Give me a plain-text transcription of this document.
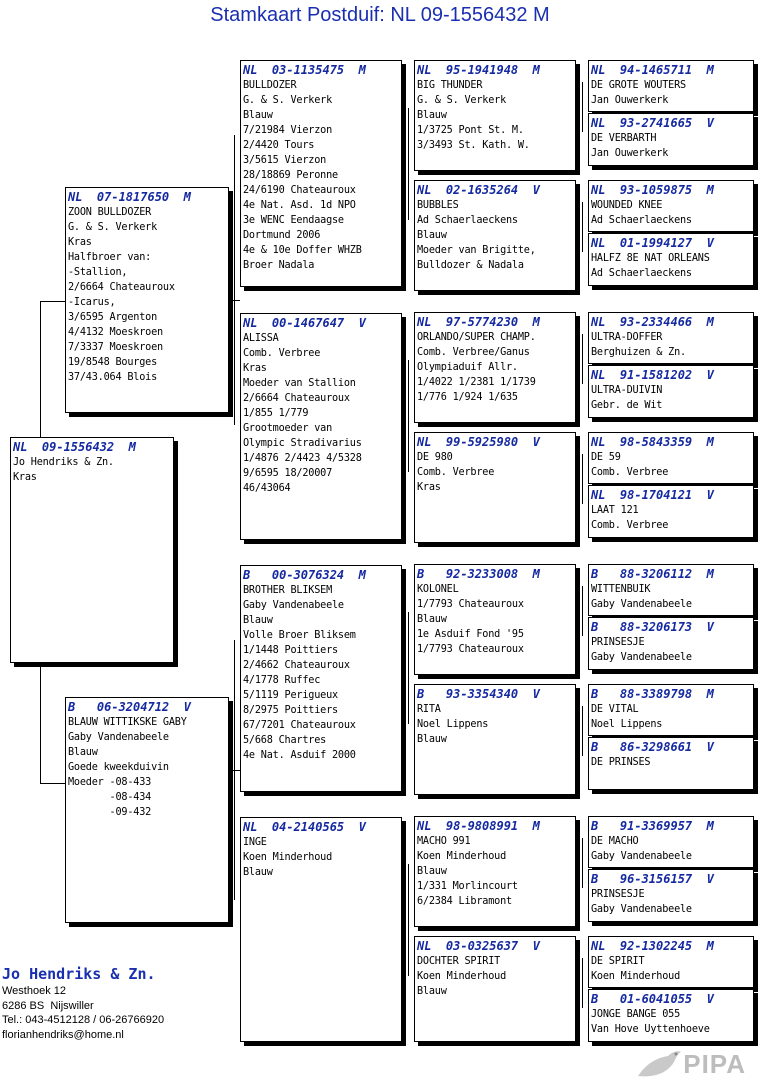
Stamkaart Postduif: NL 09-1556432 M
NL  09-1556432  M
Jo Hendriks & Zn.
Kras
NL  07-1817650  M
ZOON BULLDOZER
G. & S. Verkerk
Kras
Halfbroer van:
-Stallion,
2/6664 Chateauroux
-Icarus,
3/6595 Argenton
4/4132 Moeskroen
7/3337 Moeskroen
19/8548 Bourges
37/43.064 Blois
B   06-3204712  V
BLAUW WITTIKSKE GABY
Gaby Vandenabeele
Blauw
Goede kweekduivin
Moeder -08-433
-08-434
-09-432
NL  03-1135475  M
BULLDOZER
G. & S. Verkerk
Blauw
7/21984 Vierzon
2/4420 Tours
3/5615 Vierzon
28/18869 Peronne
24/6190 Chateauroux
4e Nat. Asd. 1d NPO
3e WENC Eendaagse
Dortmund 2006
4e & 10e Doffer WHZB
Broer Nadala
NL  00-1467647  V
ALISSA
Comb. Verbree
Kras
Moeder van Stallion
2/6664 Chateauroux
1/855 1/779
Grootmoeder van
Olympic Stradivarius
1/4876 2/4423 4/5328
9/6595 18/20007
46/43064
B   00-3076324  M
BROTHER BLIKSEM
Gaby Vandenabeele
Blauw
Volle Broer Bliksem
1/1448 Poittiers
2/4662 Chateauroux
4/1778 Ruffec
5/1119 Perigueux
8/2975 Poittiers
67/7201 Chateauroux
5/668 Chartres
4e Nat. Asduif 2000
NL  04-2140565  V
INGE
Koen Minderhoud
Blauw
NL  95-1941948  M
BIG THUNDER
G. & S. Verkerk
Blauw
1/3725 Pont St. M.
3/3493 St. Kath. W.
NL  02-1635264  V
BUBBLES
Ad Schaerlaeckens
Blauw
Moeder van Brigitte,
Bulldozer & Nadala
NL  97-5774230  M
ORLANDO/SUPER CHAMP.
Comb. Verbree/Ganus
Olympiaduif Allr.
1/4022 1/2381 1/1739
1/776 1/924 1/635
NL  99-5925980  V
DE 980
Comb. Verbree
Kras
B   92-3233008  M
KOLONEL
1/7793 Chateauroux
Blauw
1e Asduif Fond '95
1/7793 Chateauroux
B   93-3354340  V
RITA
Noel Lippens
Blauw
NL  98-9808991  M
MACHO 991
Koen Minderhoud
Blauw
1/331 Morlincourt
6/2384 Libramont
NL  03-0325637  V
DOCHTER SPIRIT
Koen Minderhoud
Blauw
NL  94-1465711  M
DE GROTE WOUTERS
Jan Ouwerkerk
NL  93-2741665  V
DE VERBARTH
Jan Ouwerkerk
NL  93-1059875  M
WOUNDED KNEE
Ad Schaerlaeckens
NL  01-1994127  V
HALFZ 8E NAT ORLEANS
Ad Schaerlaeckens
NL  93-2334466  M
ULTRA-DOFFER
Berghuizen & Zn.
NL  91-1581202  V
ULTRA-DUIVIN
Gebr. de Wit
NL  98-5843359  M
DE 59
Comb. Verbree
NL  98-1704121  V
LAAT 121
Comb. Verbree
B   88-3206112  M
WITTENBUIK
Gaby Vandenabeele
B   88-3206173  V
PRINSESJE
Gaby Vandenabeele
B   88-3389798  M
DE VITAL
Noel Lippens
B   86-3298661  V
DE PRINSES
B   91-3369957  M
DE MACHO
Gaby Vandenabeele
B   96-3156157  V
PRINSESJE
Gaby Vandenabeele
NL  92-1302245  M
DE SPIRIT
Koen Minderhoud
B   01-6041055  V
JONGE BANGE 055
Van Hove Uyttenhoeve
Jo Hendriks & Zn.
Westhoek 12
6286 BS  Nijswiller
Tel.: 043-4512128 / 06-26766920
florianhendriks@home.nl
PIPA
